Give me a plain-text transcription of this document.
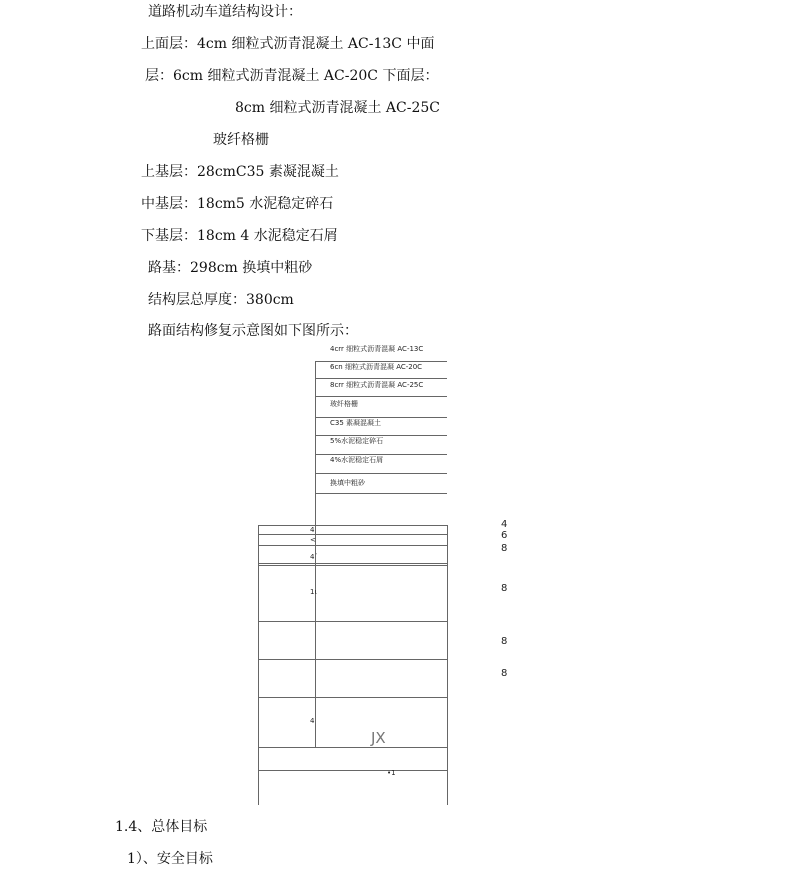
道路机动车道结构设计：
上面层：4cm 细粒式沥青混凝土 AC-13C 中面
层：6cm 细粒式沥青混凝土 AC-20C 下面层：
8cm 细粒式沥青混凝土 AC-25C
玻纤格栅
上基层：28cmC35 素凝混凝土
中基层：18cm5 水泥稳定碎石
下基层：18cm 4 水泥稳定石屑
路基：298cm 换填中粗砂
结构层总厚度：380cm
路面结构修复示意图如下图所示：
4crr 细粒式沥青混凝 AC-13C
6cn 细粒式沥青混凝 AC-20C
8crr 细粒式沥青混凝 AC-25C
玻纤格栅
C35 素凝混凝土
5%水泥稳定碎石
4%水泥稳定石屑
换填中粗砂
4
<
4˙
1ι
4
JX
•1
4
6
8
8
8
8
1.4、总体目标
1）、安全目标
